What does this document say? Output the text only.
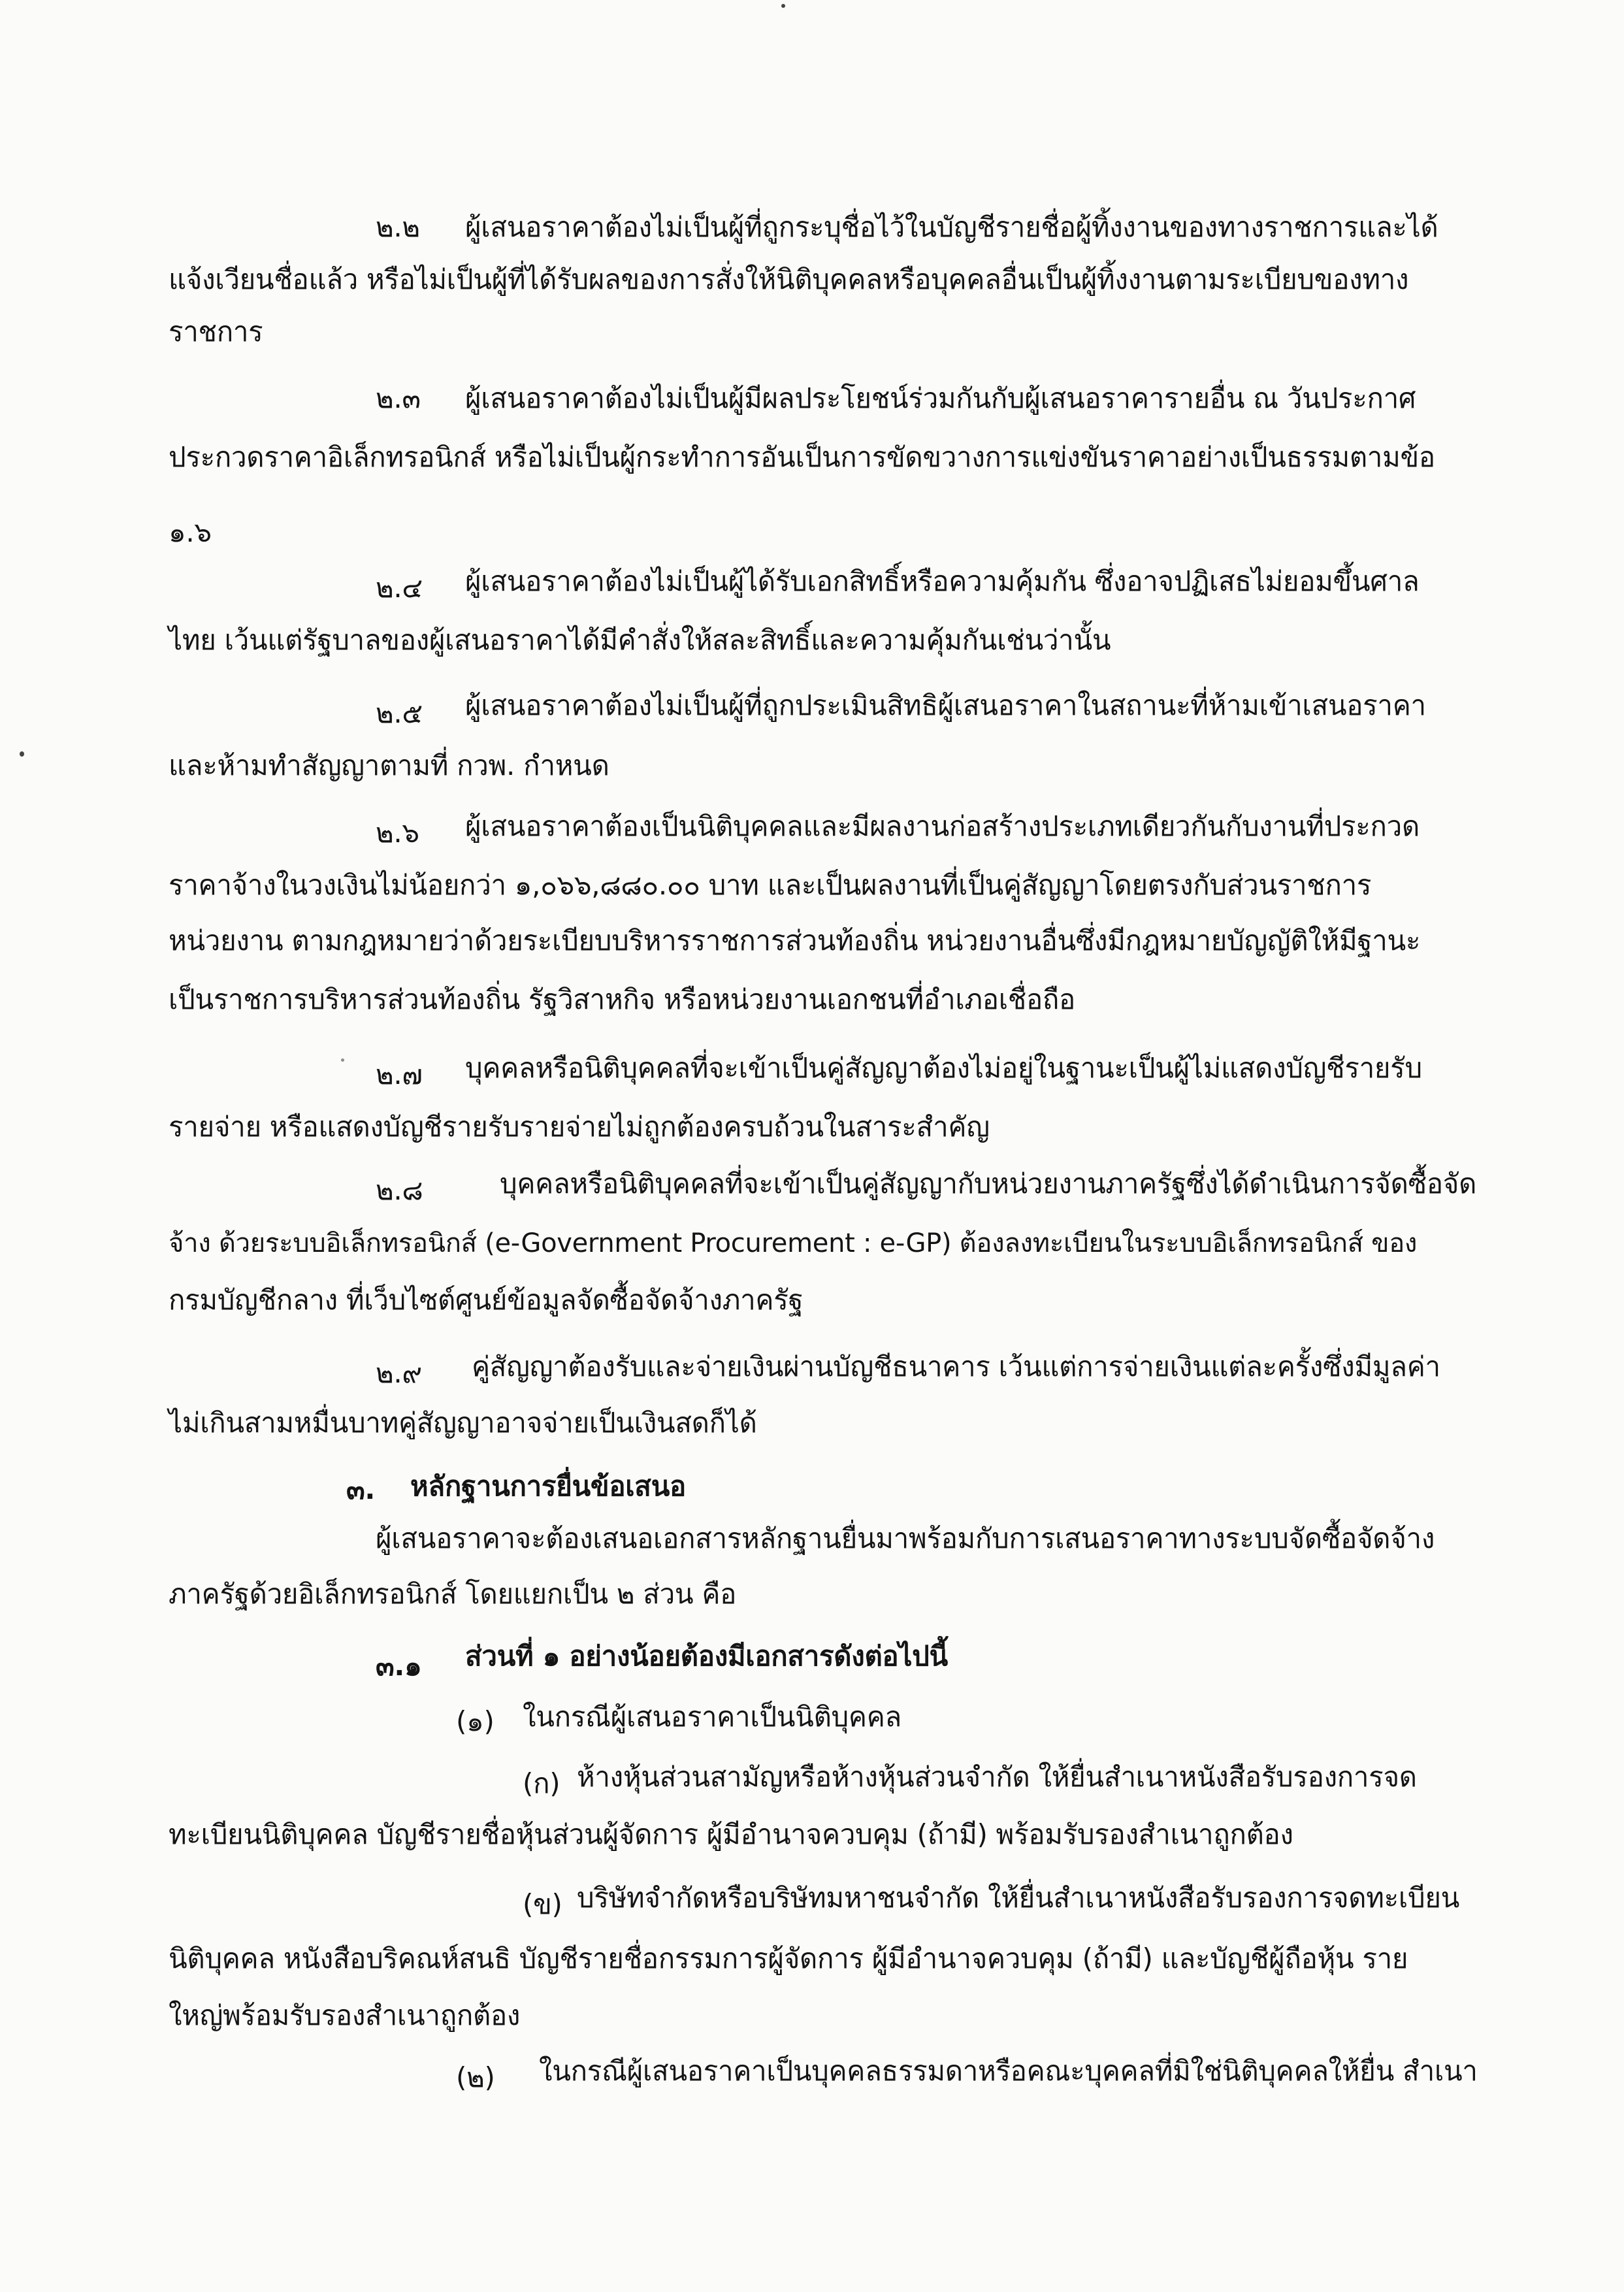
๒.๒ ผู้เสนอราคาต้องไม่เป็นผู้ที่ถูกระบุชื่อไว้ในบัญชีรายชื่อผู้ทิ้งงานของทางราชการและได้
แจ้งเวียนชื่อแล้ว หรือไม่เป็นผู้ที่ได้รับผลของการสั่งให้นิติบุคคลหรือบุคคลอื่นเป็นผู้ทิ้งงานตามระเบียบของทาง
ราชการ
๒.๓ ผู้เสนอราคาต้องไม่เป็นผู้มีผลประโยชน์ร่วมกันกับผู้เสนอราคารายอื่น ณ วันประกาศ
ประกวดราคาอิเล็กทรอนิกส์ หรือไม่เป็นผู้กระทำการอันเป็นการขัดขวางการแข่งขันราคาอย่างเป็นธรรมตามข้อ
๑.๖
๒.๔ ผู้เสนอราคาต้องไม่เป็นผู้ได้รับเอกสิทธิ์หรือความคุ้มกัน ซึ่งอาจปฏิเสธไม่ยอมขึ้นศาล
ไทย เว้นแต่รัฐบาลของผู้เสนอราคาได้มีคำสั่งให้สละสิทธิ์และความคุ้มกันเช่นว่านั้น
๒.๕ ผู้เสนอราคาต้องไม่เป็นผู้ที่ถูกประเมินสิทธิผู้เสนอราคาในสถานะที่ห้ามเข้าเสนอราคา
และห้ามทำสัญญาตามที่ กวพ. กำหนด
๒.๖ ผู้เสนอราคาต้องเป็นนิติบุคคลและมีผลงานก่อสร้างประเภทเดียวกันกับงานที่ประกวด
ราคาจ้างในวงเงินไม่น้อยกว่า ๑,๐๖๖,๘๘๐.๐๐ บาท และเป็นผลงานที่เป็นคู่สัญญาโดยตรงกับส่วนราชการ
หน่วยงาน ตามกฎหมายว่าด้วยระเบียบบริหารราชการส่วนท้องถิ่น หน่วยงานอื่นซึ่งมีกฎหมายบัญญัติให้มีฐานะ
เป็นราชการบริหารส่วนท้องถิ่น รัฐวิสาหกิจ หรือหน่วยงานเอกชนที่อำเภอเชื่อถือ
๒.๗ บุคคลหรือนิติบุคคลที่จะเข้าเป็นคู่สัญญาต้องไม่อยู่ในฐานะเป็นผู้ไม่แสดงบัญชีรายรับ
รายจ่าย หรือแสดงบัญชีรายรับรายจ่ายไม่ถูกต้องครบถ้วนในสาระสำคัญ
๒.๘	บุคคลหรือนิติบุคคลที่จะเข้าเป็นคู่สัญญากับหน่วยงานภาครัฐซึ่งได้ดำเนินการจัดซื้อจัด
จ้าง ด้วยระบบอิเล็กทรอนิกส์ (e-Government Procurement : e-GP) ต้องลงทะเบียนในระบบอิเล็กทรอนิกส์ ของ
กรมบัญชีกลาง ที่เว็บไซต์ศูนย์ข้อมูลจัดซื้อจัดจ้างภาครัฐ
๒.๙ คู่สัญญาต้องรับและจ่ายเงินผ่านบัญชีธนาคาร เว้นแต่การจ่ายเงินแต่ละครั้งซึ่งมีมูลค่า
ไม่เกินสามหมื่นบาทคู่สัญญาอาจจ่ายเป็นเงินสดก็ได้
๓. หลักฐานการยื่นข้อเสนอ
ผู้เสนอราคาจะต้องเสนอเอกสารหลักฐานยื่นมาพร้อมกับการเสนอราคาทางระบบจัดซื้อจัดจ้าง
ภาครัฐด้วยอิเล็กทรอนิกส์ โดยแยกเป็น ๒ ส่วน คือ
๓.๑ ส่วนที่ ๑ อย่างน้อยต้องมีเอกสารดังต่อไปนี้
(๑) ในกรณีผู้เสนอราคาเป็นนิติบุคคล
(ก) ห้างหุ้นส่วนสามัญหรือห้างหุ้นส่วนจำกัด ให้ยื่นสำเนาหนังสือรับรองการจด
ทะเบียนนิติบุคคล บัญชีรายชื่อหุ้นส่วนผู้จัดการ ผู้มีอำนาจควบคุม (ถ้ามี) พร้อมรับรองสำเนาถูกต้อง
(ข) บริษัทจำกัดหรือบริษัทมหาชนจำกัด ให้ยื่นสำเนาหนังสือรับรองการจดทะเบียน
นิติบุคคล หนังสือบริคณห์สนธิ บัญชีรายชื่อกรรมการผู้จัดการ ผู้มีอำนาจควบคุม (ถ้ามี) และบัญชีผู้ถือหุ้น ราย
ใหญ่พร้อมรับรองสำเนาถูกต้อง
(๒) ในกรณีผู้เสนอราคาเป็นบุคคลธรรมดาหรือคณะบุคคลที่มิใช่นิติบุคคลให้ยื่น สำเนา
